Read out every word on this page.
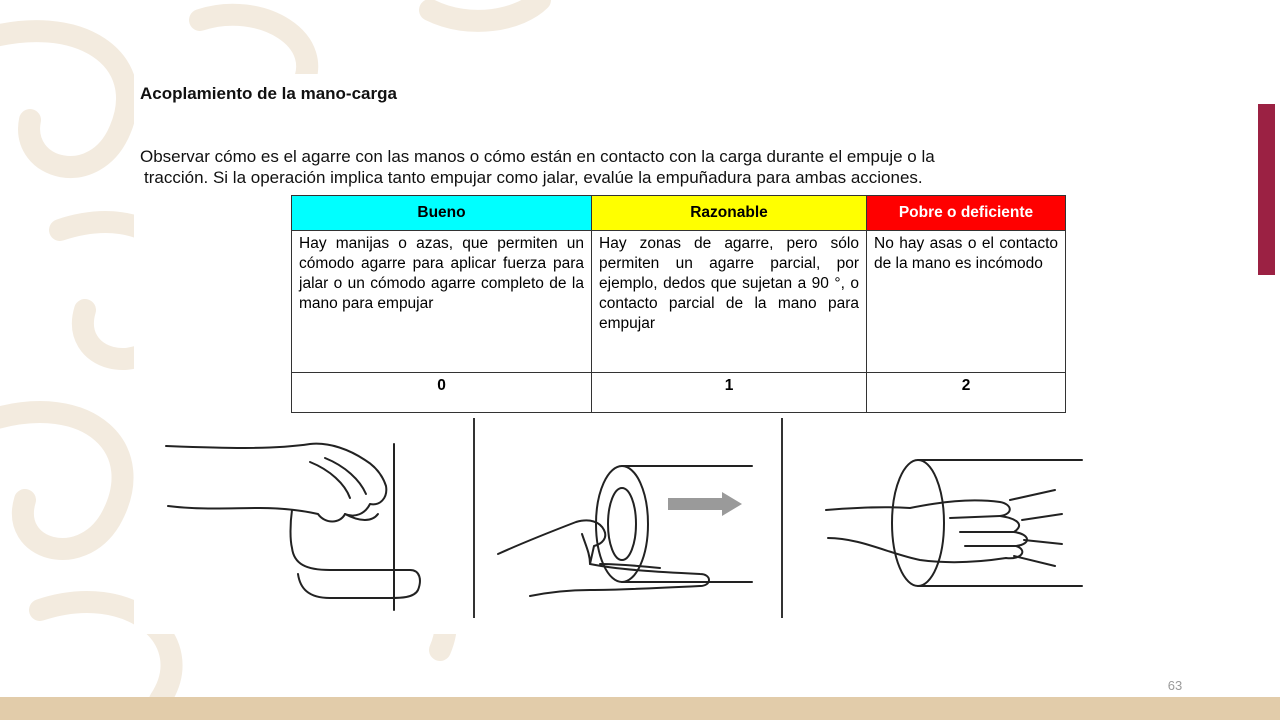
63
Acoplamiento de la mano-carga
Observar cómo es el agarre con las manos o cómo están en contacto con la carga durante el empuje o la
tracción. Si la operación implica tanto empujar como jalar, evalúe la empuñadura para ambas acciones.
Bueno	Razonable	Pobre o deficiente
Hay manijas o azas, que permiten un cómodo agarre para aplicar fuerza para jalar o un cómodo agarre completo de la mano para empujar	Hay zonas de agarre, pero sólo permiten un agarre parcial, por ejemplo, dedos que sujetan a 90 °, o contacto parcial de la mano para empujar	No hay asas o el contacto de la mano es incómodo
0	1	2
